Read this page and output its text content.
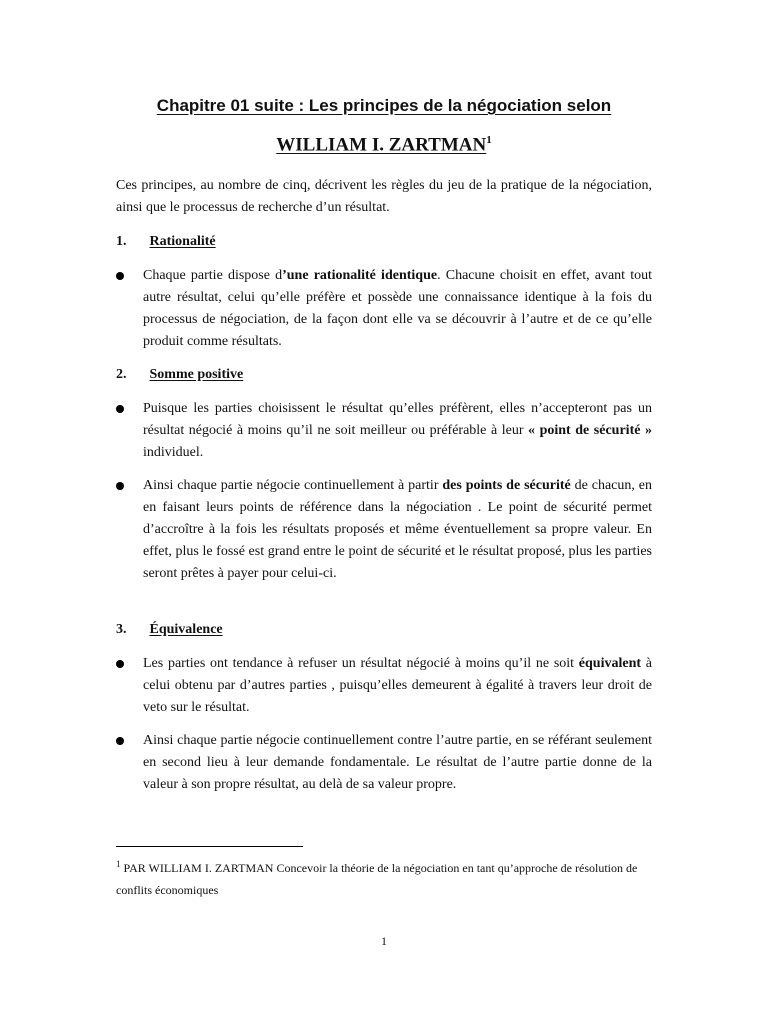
Chapitre 01 suite : Les principes de la négociation selon
WILLIAM I. ZARTMAN$^1$
Ces principes, au nombre de cinq, décrivent les règles du jeu de la pratique de la négociation, ainsi que le processus de recherche d’un résultat.
1. Rationalité
Chaque partie dispose d’une rationalité identique. Chacune choisit en effet, avant tout autre résultat, celui qu’elle préfère et possède une connaissance identique à la fois du processus de négociation, de la façon dont elle va se découvrir à l’autre et de ce qu’elle produit comme résultats.
2. Somme positive
Puisque les parties choisissent le résultat qu’elles préfèrent, elles n’accepteront pas un résultat négocié à moins qu’il ne soit meilleur ou préférable à leur « point de sécurité » individuel.
Ainsi chaque partie négocie continuellement à partir des points de sécurité de chacun, en en faisant leurs points de référence dans la négociation . Le point de sécurité permet d’accroître à la fois les résultats proposés et même éventuellement sa propre valeur. En effet, plus le fossé est grand entre le point de sécurité et le résultat proposé, plus les parties seront prêtes à payer pour celui-ci.
3. Équivalence
Les parties ont tendance à refuser un résultat négocié à moins qu’il ne soit équivalent à celui obtenu par d’autres parties , puisqu’elles demeurent à égalité à travers leur droit de veto sur le résultat.
Ainsi chaque partie négocie continuellement contre l’autre partie, en se référant seulement en second lieu à leur demande fondamentale. Le résultat de l’autre partie donne de la valeur à son propre résultat, au delà de sa valeur propre.
$^1$ PAR WILLIAM I. ZARTMAN Concevoir la théorie de la négociation en tant qu’approche de résolution de conflits économiques
1
